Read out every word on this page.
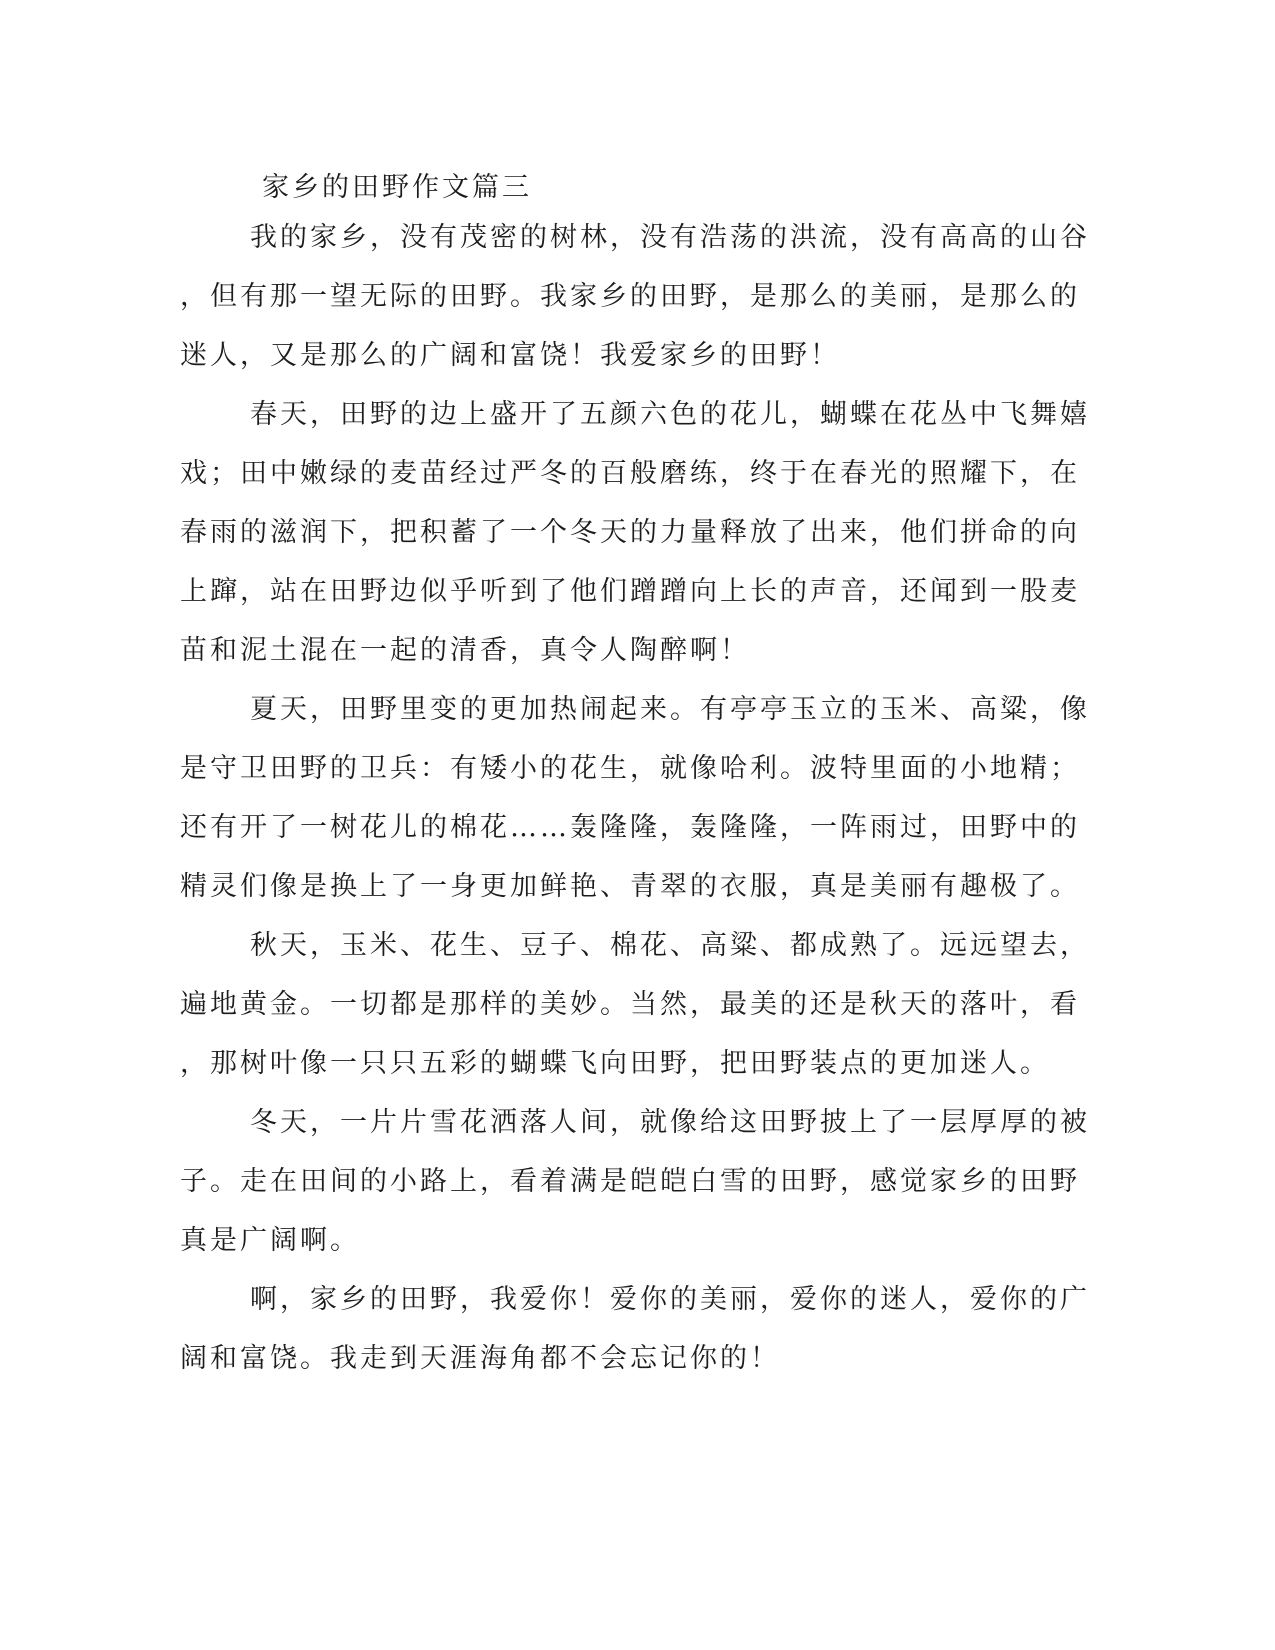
家乡的田野作文篇三
我的家乡，没有茂密的树林，没有浩荡的洪流，没有高高的山谷
，但有那一望无际的田野。我家乡的田野，是那么的美丽，是那么的
迷人，又是那么的广阔和富饶！我爱家乡的田野！
春天，田野的边上盛开了五颜六色的花儿，蝴蝶在花丛中飞舞嬉
戏；田中嫩绿的麦苗经过严冬的百般磨练，终于在春光的照耀下，在
春雨的滋润下，把积蓄了一个冬天的力量释放了出来，他们拼命的向
上蹿，站在田野边似乎听到了他们蹭蹭向上长的声音，还闻到一股麦
苗和泥土混在一起的清香，真令人陶醉啊！
夏天，田野里变的更加热闹起来。有亭亭玉立的玉米、高粱，像
是守卫田野的卫兵：有矮小的花生，就像哈利。波特里面的小地精；
还有开了一树花儿的棉花……轰隆隆，轰隆隆，一阵雨过，田野中的
精灵们像是换上了一身更加鲜艳、青翠的衣服，真是美丽有趣极了。
秋天，玉米、花生、豆子、棉花、高粱、都成熟了。远远望去，
遍地黄金。一切都是那样的美妙。当然，最美的还是秋天的落叶，看
，那树叶像一只只五彩的蝴蝶飞向田野，把田野装点的更加迷人。
冬天，一片片雪花洒落人间，就像给这田野披上了一层厚厚的被
子。走在田间的小路上，看着满是皑皑白雪的田野，感觉家乡的田野
真是广阔啊。
啊，家乡的田野，我爱你！爱你的美丽，爱你的迷人，爱你的广
阔和富饶。我走到天涯海角都不会忘记你的！
